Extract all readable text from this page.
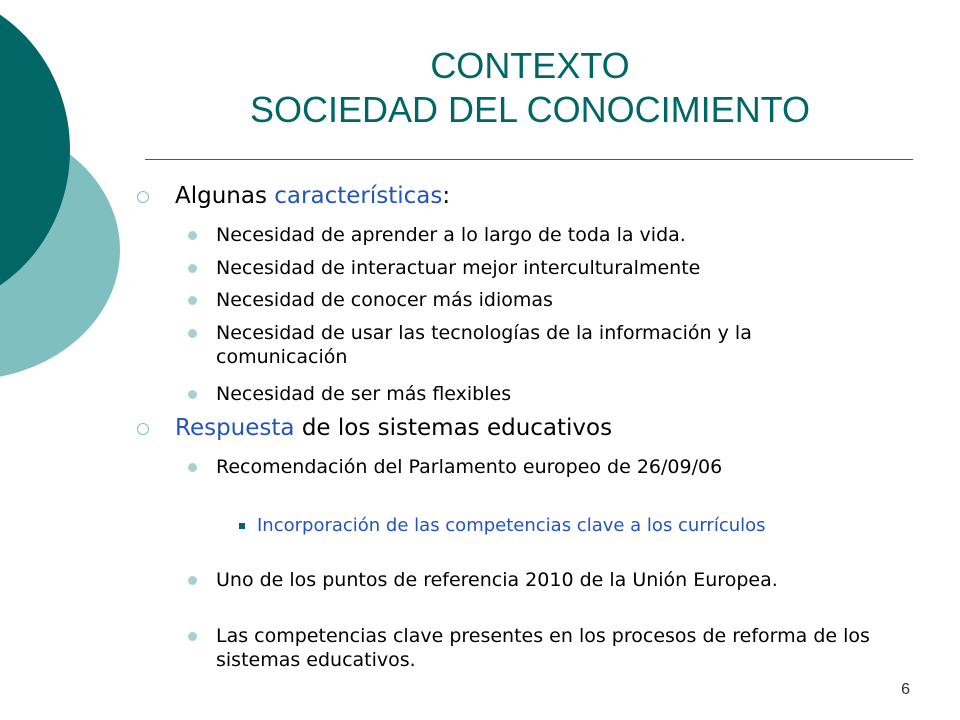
CONTEXTO
SOCIEDAD DEL CONOCIMIENTO
Algunas características:
Necesidad de aprender a lo largo de toda la vida.
Necesidad de interactuar mejor interculturalmente
Necesidad de conocer más idiomas
Necesidad de usar las tecnologías de la información y la comunicación
Necesidad de ser más flexibles
Respuesta de los sistemas educativos
Recomendación del Parlamento europeo de 26/09/06
Incorporación de las competencias clave a los currículos
Uno de los puntos de referencia 2010 de la Unión Europea.
Las competencias clave presentes en los procesos de reforma de los sistemas educativos.
6
